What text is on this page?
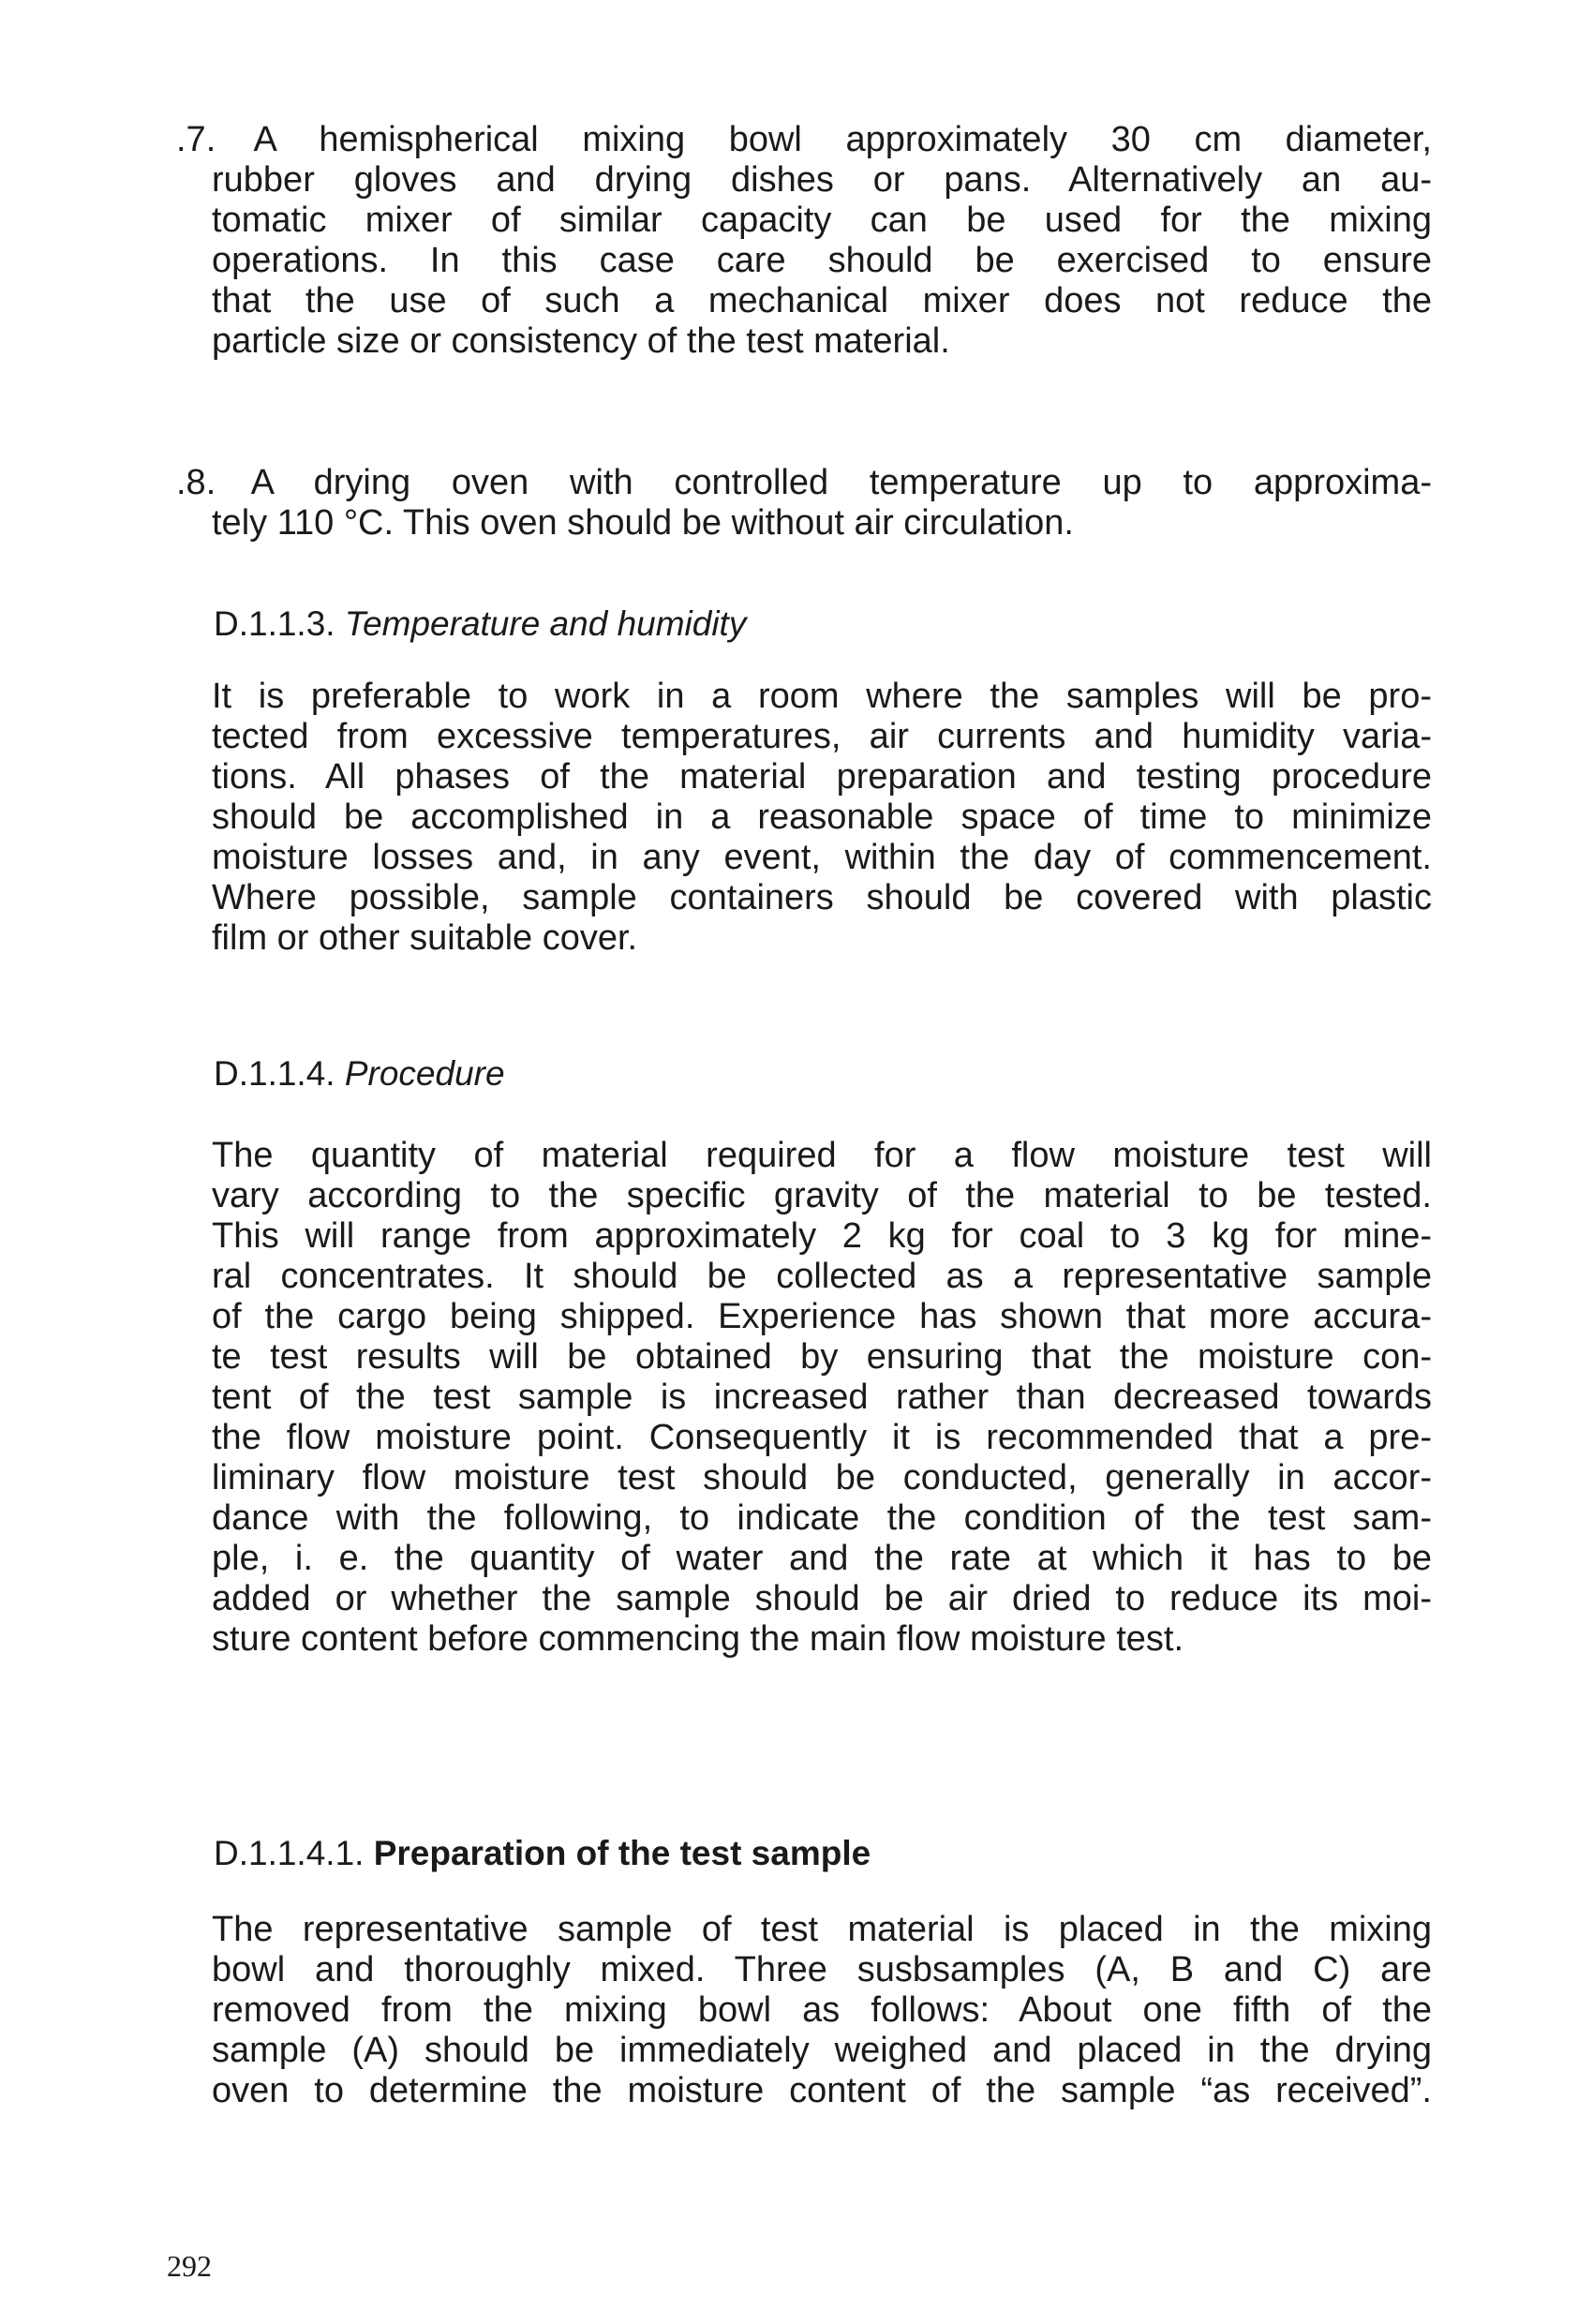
.7. A hemispherical mixing bowl approximately 30 cm diameter,
rubber gloves and drying dishes or pans. Alternatively an au-
tomatic mixer of similar capacity can be used for the mixing
operations. In this case care should be exercised to ensure
that the use of such a mechanical mixer does not reduce the
particle size or consistency of the test material.
.8. A drying oven with controlled temperature up to approxima-
tely 110 °C. This oven should be without air circulation.
D.1.1.3. Temperature and humidity
It is preferable to work in a room where the samples will be pro-
tected from excessive temperatures, air currents and humidity varia-
tions. All phases of the material preparation and testing procedure
should be accomplished in a reasonable space of time to minimize
moisture losses and, in any event, within the day of commencement.
Where possible, sample containers should be covered with plastic
film or other suitable cover.
D.1.1.4. Procedure
The quantity of material required for a flow moisture test will
vary according to the specific gravity of the material to be tested.
This will range from approximately 2 kg for coal to 3 kg for mine-
ral concentrates. It should be collected as a representative sample
of the cargo being shipped. Experience has shown that more accura-
te test results will be obtained by ensuring that the moisture con-
tent of the test sample is increased rather than decreased towards
the flow moisture point. Consequently it is recommended that a pre-
liminary flow moisture test should be conducted, generally in accor-
dance with the following, to indicate the condition of the test sam-
ple, i. e. the quantity of water and the rate at which it has to be
added or whether the sample should be air dried to reduce its moi-
sture content before commencing the main flow moisture test.
D.1.1.4.1. Preparation of the test sample
The representative sample of test material is placed in the mixing
bowl and thoroughly mixed. Three susbsamples (A, B and C) are
removed from the mixing bowl as follows: About one fifth of the
sample (A) should be immediately weighed and placed in the drying
oven to determine the moisture content of the sample “as received”.
292
